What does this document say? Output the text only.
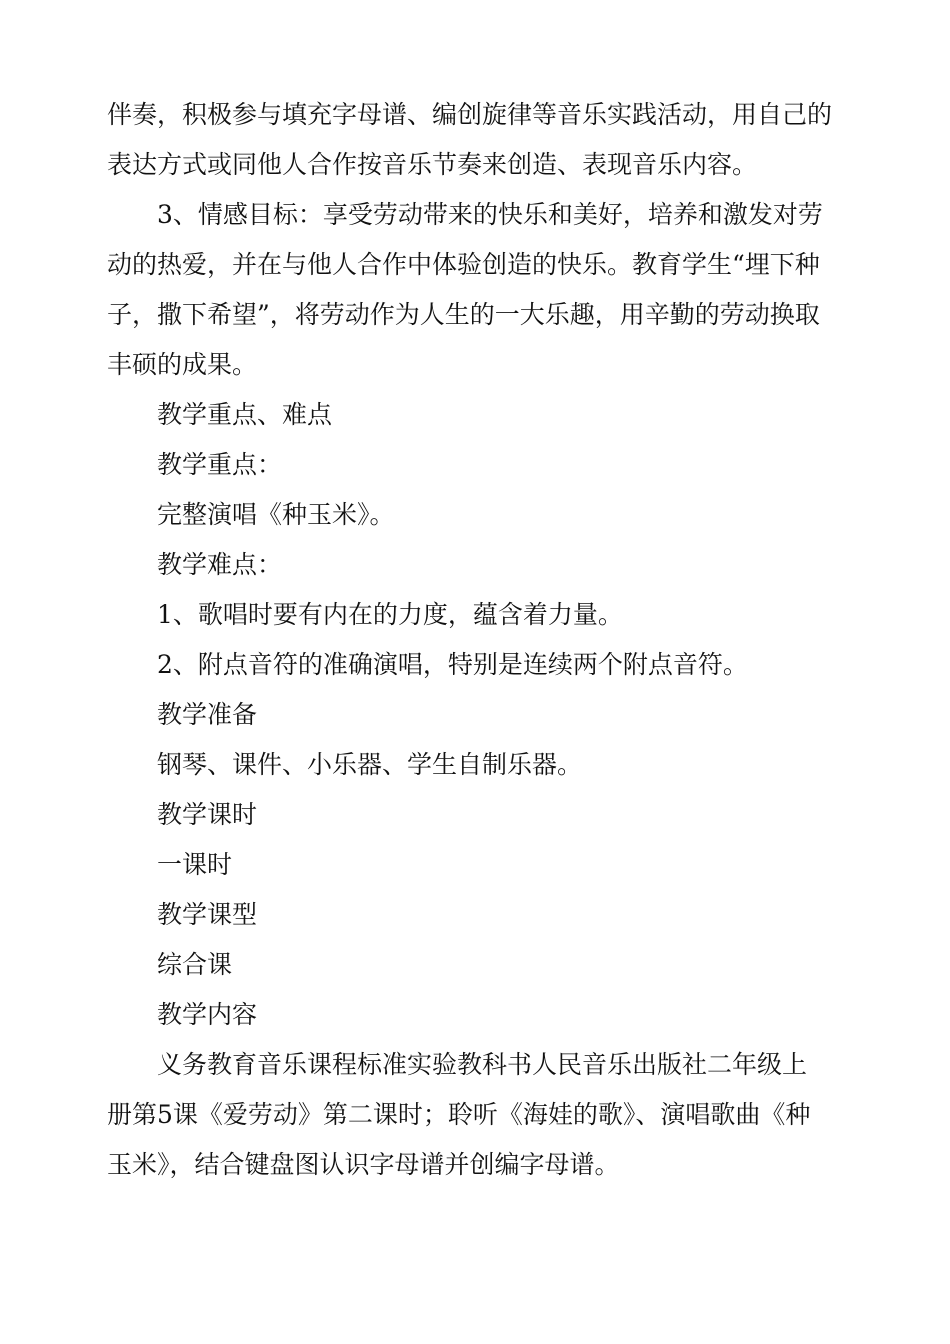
伴奏，积极参与填充字母谱、编创旋律等音乐实践活动，用自己的
表达方式或同他人合作按音乐节奏来创造、表现音乐内容。
3、情感目标：享受劳动带来的快乐和美好，培养和激发对劳
动的热爱，并在与他人合作中体验创造的快乐。教育学生“埋下种
子，撒下希望”，将劳动作为人生的一大乐趣，用辛勤的劳动换取
丰硕的成果。
教学重点、难点
教学重点：
完整演唱《种玉米》。
教学难点：
1、歌唱时要有内在的力度，蕴含着力量。
2、附点音符的准确演唱，特别是连续两个附点音符。
教学准备
钢琴、课件、小乐器、学生自制乐器。
教学课时
一课时
教学课型
综合课
教学内容
义务教育音乐课程标准实验教科书人民音乐出版社二年级上
册第5课《爱劳动》第二课时；聆听《海娃的歌》、演唱歌曲《种
玉米》，结合键盘图认识字母谱并创编字母谱。
